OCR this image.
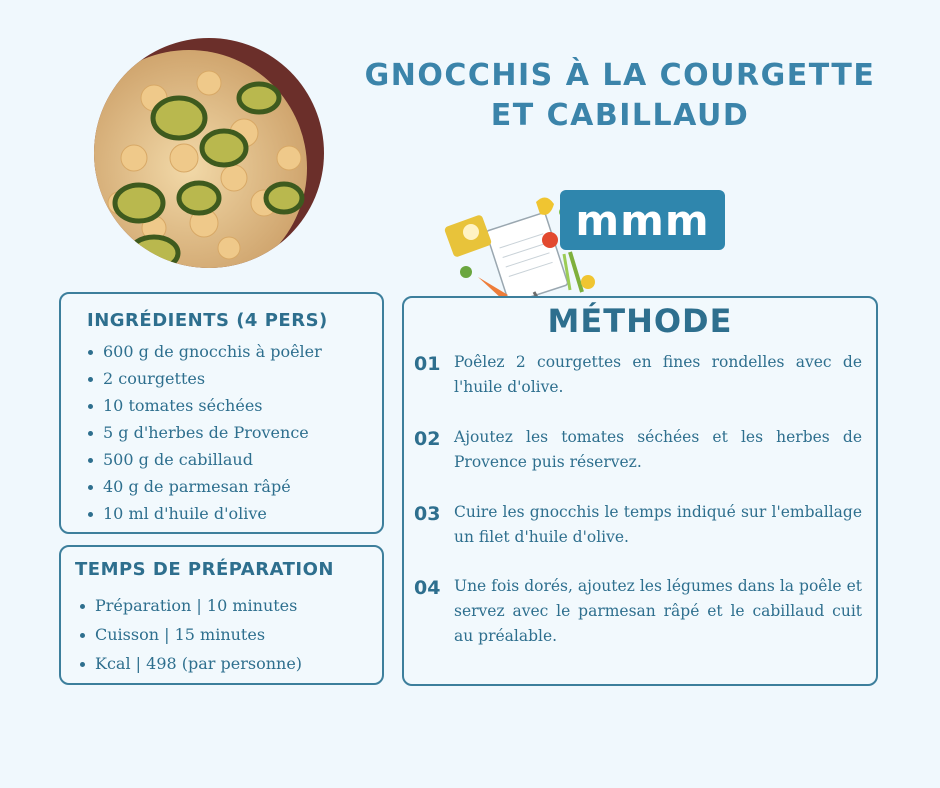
GNOCCHIS À LA COURGETTE
ET CABILLAUD
mmm
INGRÉDIENTS (4 PERS)
600 g de gnocchis à poêler
2 courgettes
10 tomates séchées
5 g d'herbes de Provence
500 g de cabillaud
40 g de parmesan râpé
10 ml d'huile d'olive
TEMPS DE PRÉPARATION
Préparation | 10 minutes
Cuisson | 15 minutes
Kcal | 498 (par personne)
MÉTHODE
01 Poêlez 2 courgettes en fines rondelles avec de l'huile d'olive.

02 Ajoutez les tomates séchées et les herbes de Provence puis réservez.

03 Cuire les gnocchis le temps indiqué sur l'emballage un filet d'huile d'olive.

04 Une fois dorés, ajoutez les légumes dans la poêle et servez avec le parmesan râpé et le cabillaud cuit au préalable.
